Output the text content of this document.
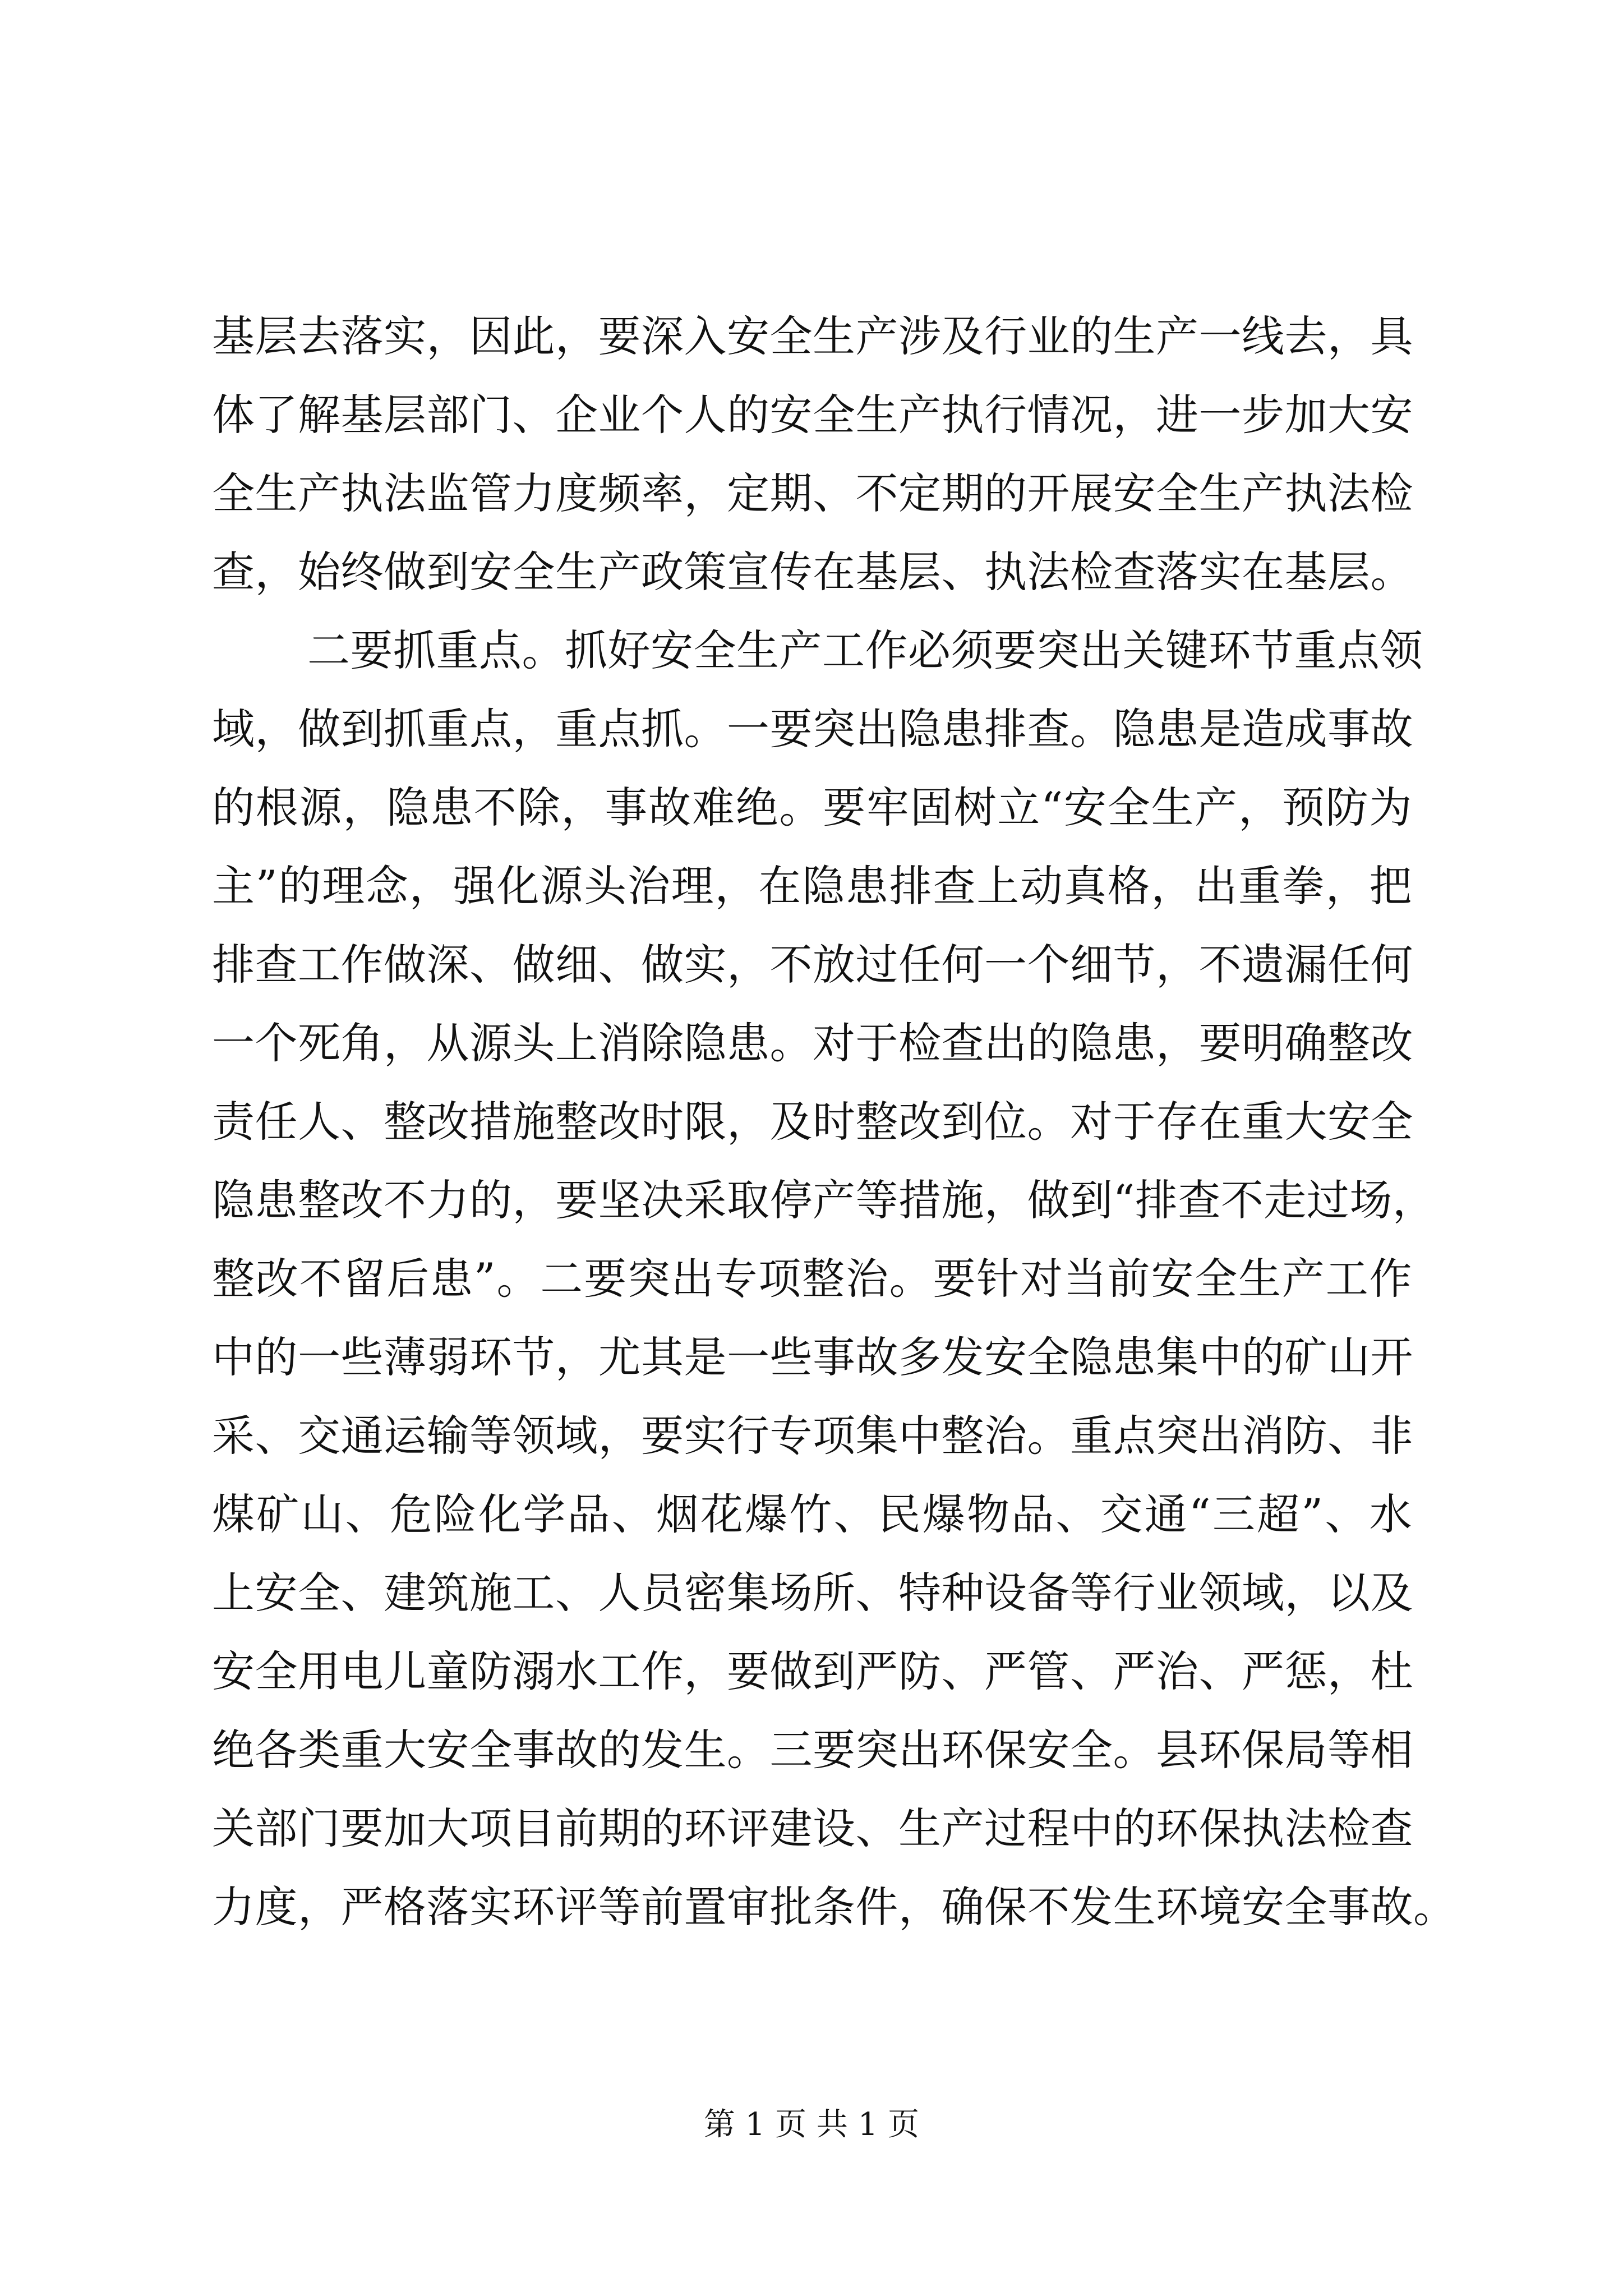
基层去落实，因此，要深入安全生产涉及行业的生产一线去，具
体了解基层部门、企业个人的安全生产执行情况，进一步加大安
全生产执法监管力度频率，定期、不定期的开展安全生产执法检
查，始终做到安全生产政策宣传在基层、执法检查落实在基层。
二要抓重点。抓好安全生产工作必须要突出关键环节重点领
域，做到抓重点，重点抓。一要突出隐患排查。隐患是造成事故
的根源，隐患不除，事故难绝。要牢固树立“安全生产，预防为
主”的理念，强化源头治理，在隐患排查上动真格，出重拳，把
排查工作做深、做细、做实，不放过任何一个细节，不遗漏任何
一个死角，从源头上消除隐患。对于检查出的隐患，要明确整改
责任人、整改措施整改时限，及时整改到位。对于存在重大安全
隐患整改不力的，要坚决采取停产等措施，做到“排查不走过场，
整改不留后患”。二要突出专项整治。要针对当前安全生产工作
中的一些薄弱环节，尤其是一些事故多发安全隐患集中的矿山开
采、交通运输等领域，要实行专项集中整治。重点突出消防、非
煤矿山、危险化学品、烟花爆竹、民爆物品、交通“三超”、水
上安全、建筑施工、人员密集场所、特种设备等行业领域，以及
安全用电儿童防溺水工作，要做到严防、严管、严治、严惩，杜
绝各类重大安全事故的发生。三要突出环保安全。县环保局等相
关部门要加大项目前期的环评建设、生产过程中的环保执法检查
力度，严格落实环评等前置审批条件，确保不发生环境安全事故。
第 1 页 共 1 页
